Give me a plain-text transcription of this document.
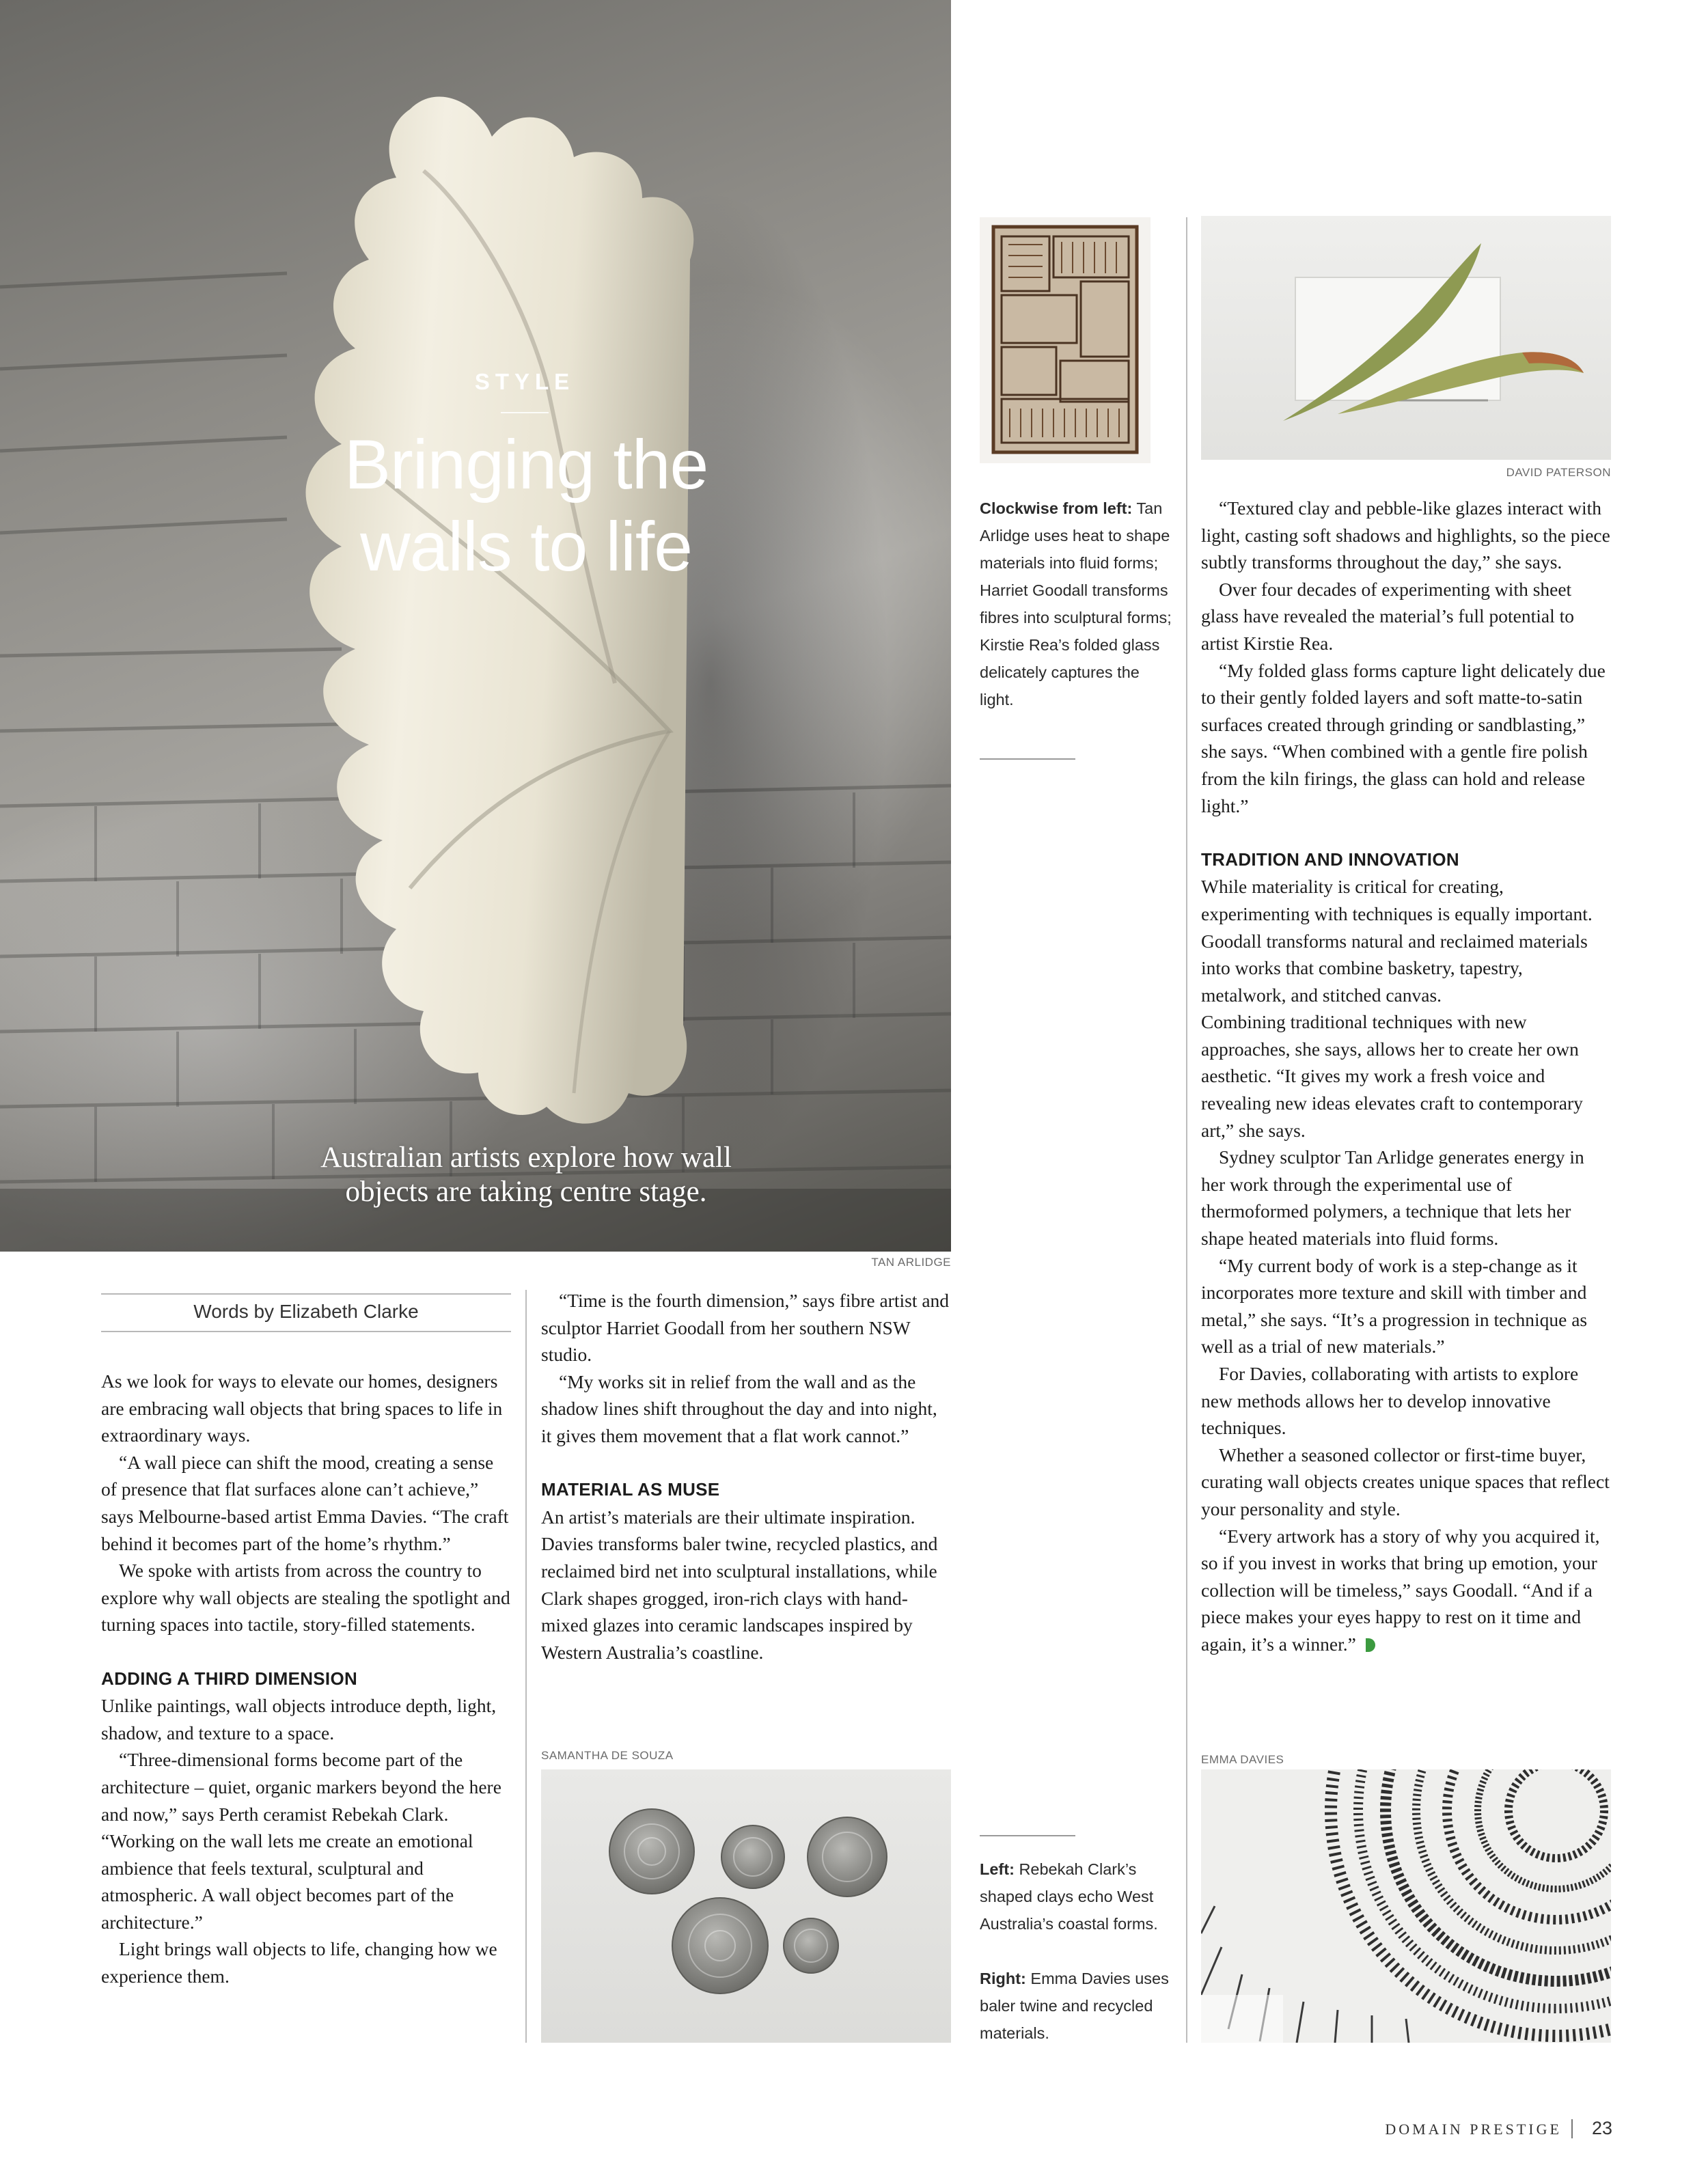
STYLE
Bringing the
walls to life
Australian artists explore how wall
objects are taking centre stage.
TAN ARLIDGE
Words by Elizabeth Clarke

As we look for ways to elevate our homes, designers are embracing wall objects that bring spaces to life in extraordinary ways.

“A wall piece can shift the mood, creating a sense of presence that flat surfaces alone can’t achieve,” says Melbourne-based artist Emma Davies. “The craft behind it becomes part of the home’s rhythm.”

We spoke with artists from across the country to explore why wall objects are stealing the spotlight and turning spaces into tactile, story-filled statements.

ADDING A THIRD DIMENSION

Unlike paintings, wall objects introduce depth, light, shadow, and texture to a space.

“Three-dimensional forms become part of the architecture – quiet, organic markers beyond the here and now,” says Perth ceramist Rebekah Clark. “Working on the wall lets me create an emotional ambience that feels textural, sculptural and atmospheric. A wall object becomes part of the architecture.”

Light brings wall objects to life, changing how we experience them.

“Time is the fourth dimension,” says fibre artist and sculptor Harriet Goodall from her southern NSW studio.

“My works sit in relief from the wall and as the shadow lines shift throughout the day and into night, it gives them movement that a flat work cannot.”

MATERIAL AS MUSE

An artist’s materials are their ultimate inspiration. Davies transforms baler twine, recycled plastics, and reclaimed bird net into sculptural installations, while Clark shapes grogged, iron-rich clays with hand-mixed glazes into ceramic landscapes inspired by Western Australia’s coastline.

SAMANTHA DE SOUZA

Clockwise from left: Tan Arlidge uses heat to shape materials into fluid forms; Harriet Goodall transforms fibres into sculptural forms; Kirstie Rea’s folded glass delicately captures the light.

Left: Rebekah Clark’s shaped clays echo West Australia’s coastal forms.

Right: Emma Davies uses baler twine and recycled materials.

DAVID PATERSON

“Textured clay and pebble-like glazes interact with light, casting soft shadows and highlights, so the piece subtly transforms throughout the day,” she says.

Over four decades of experimenting with sheet glass have revealed the material’s full potential to artist Kirstie Rea.

“My folded glass forms capture light delicately due to their gently folded layers and soft matte-to-satin surfaces created through grinding or sandblasting,” she says. “When combined with a gentle fire polish from the kiln firings, the glass can hold and release light.”

TRADITION AND INNOVATION

While materiality is critical for creating, experimenting with techniques is equally important. Goodall transforms natural and reclaimed materials into works that combine basketry, tapestry, metalwork, and stitched canvas.

Combining traditional techniques with new approaches, she says, allows her to create her own aesthetic. “It gives my work a fresh voice and revealing new ideas elevates craft to contemporary art,” she says.

Sydney sculptor Tan Arlidge generates energy in her work through the experimental use of thermoformed polymers, a technique that lets her shape heated materials into fluid forms.

“My current body of work is a step-change as it incorporates more texture and skill with timber and metal,” she says. “It’s a progression in technique as well as a trial of new materials.”

For Davies, collaborating with artists to explore new methods allows her to develop innovative techniques.

Whether a seasoned collector or first-time buyer, curating wall objects creates unique spaces that reflect your personality and style.

“Every artwork has a story of why you acquired it, so if you invest in works that bring up emotion, your collection will be timeless,” says Goodall. “And if a piece makes your eyes happy to rest on it time and again, it’s a winner.”

EMMA DAVIES
DOMAIN PRESTIGE 23
